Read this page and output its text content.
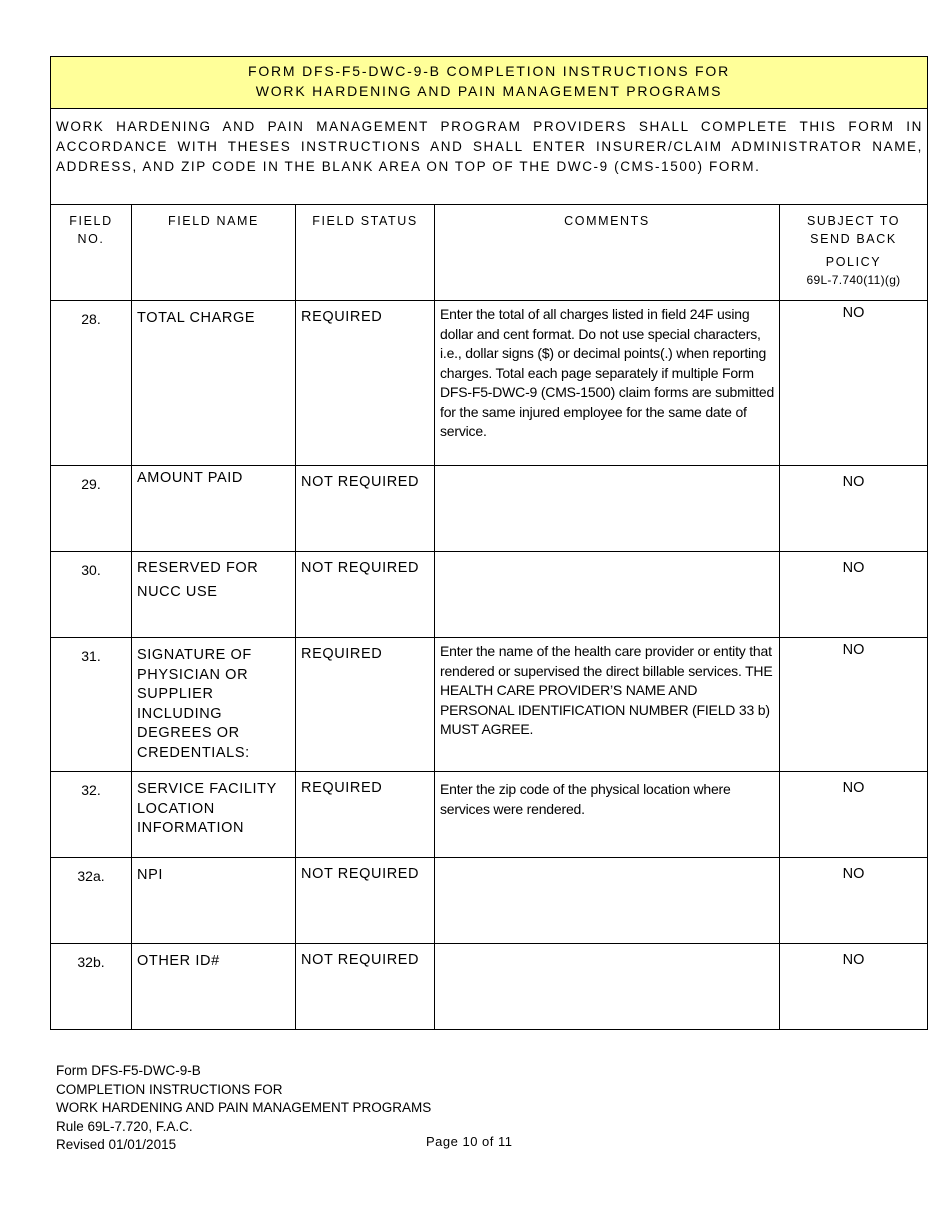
FORM DFS-F5-DWC-9-B COMPLETION INSTRUCTIONS FOR
WORK HARDENING AND PAIN MANAGEMENT PROGRAMS				

WORK HARDENING AND PAIN MANAGEMENT PROGRAM PROVIDERS SHALL COMPLETE THIS FORM IN ACCORDANCE WITH THESES INSTRUCTIONS AND SHALL ENTER INSURER/CLAIM ADMINISTRATOR NAME, ADDRESS, AND ZIP CODE IN THE BLANK AREA ON TOP OF THE DWC-9 (CMS-1500) FORM.				

FIELD
NO.	FIELD NAME	FIELD STATUS	COMMENTS	SUBJECT TO
SEND BACK
POLICY
69L-7.740(11)(g)

28.	TOTAL CHARGE	REQUIRED	Enter the total of all charges listed in field 24F using dollar and cent format. Do not use special characters, i.e., dollar signs ($) or decimal points(.) when reporting charges. Total each page separately if multiple Form DFS-F5-DWC-9 (CMS-1500) claim forms are submitted for the same injured employee for the same date of service.	NO
29.	AMOUNT PAID	NOT REQUIRED		NO
30.	RESERVED FOR NUCC USE	NOT REQUIRED		NO
31.	SIGNATURE OF PHYSICIAN OR SUPPLIER INCLUDING DEGREES OR CREDENTIALS:	REQUIRED	Enter the name of the health care provider or entity that rendered or supervised the direct billable services. THE HEALTH CARE PROVIDER’S NAME AND PERSONAL IDENTIFICATION NUMBER (FIELD 33 b) MUST AGREE.	NO
32.	SERVICE FACILITY LOCATION INFORMATION	REQUIRED	Enter the zip code of the physical location where services were rendered.	NO
32a.	NPI	NOT REQUIRED		NO
32b.	OTHER ID#	NOT REQUIRED		NO
Form DFS-F5-DWC-9-B
COMPLETION INSTRUCTIONS FOR
WORK HARDENING AND PAIN MANAGEMENT PROGRAMS
Rule 69L-7.720, F.A.C.
Revised 01/01/2015	Page 10 of 11
